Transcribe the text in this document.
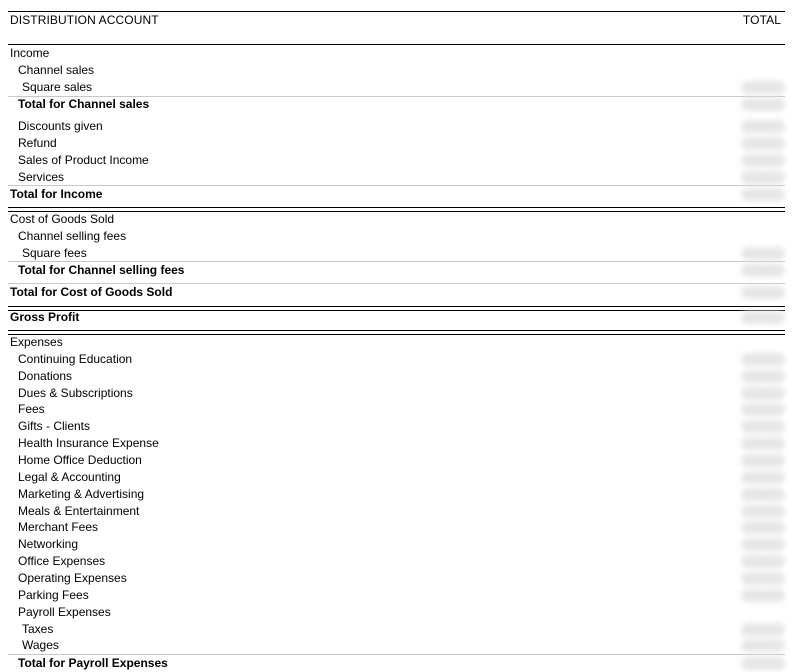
DISTRIBUTION ACCOUNT	TOTAL
Income
Channel sales
Square sales
Total for Channel sales
Discounts given
Refund
Sales of Product Income
Services
Total for Income
Cost of Goods Sold
Channel selling fees
Square fees
Total for Channel selling fees
Total for Cost of Goods Sold
Gross Profit
Expenses
Continuing Education
Donations
Dues & Subscriptions
Fees
Gifts - Clients
Health Insurance Expense
Home Office Deduction
Legal & Accounting
Marketing & Advertising
Meals & Entertainment
Merchant Fees
Networking
Office Expenses
Operating Expenses
Parking Fees
Payroll Expenses
Taxes
Wages
Total for Payroll Expenses
